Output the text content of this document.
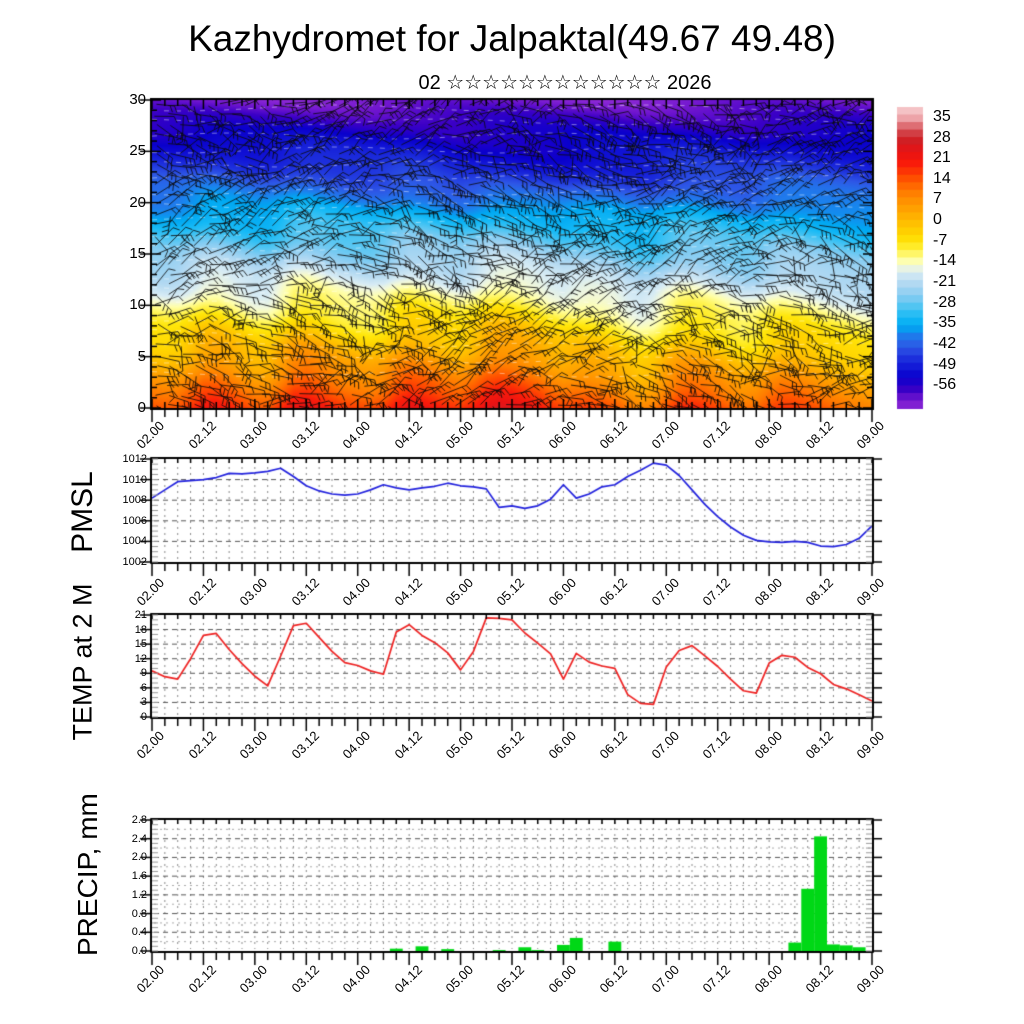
02.00 02.12 03.00 03.12 04.00 04.12 05.00 05.12 06.00 06.12 07.00 07.12 08.00 08.12 09.00
02.00 02.12 03.00 03.12 04.00 04.12 05.00 05.12 06.00 06.12 07.00 07.12 08.00 08.12 09.00
02.00 02.12 03.00 03.12 04.00 04.12 05.00 05.12 06.00 06.12 07.00 07.12 08.00 08.12 09.00
02.00 02.12 03.00 03.12 04.00 04.12 05.00 05.12 06.00 06.12 07.00 07.12 08.00 08.12 09.00
0
5
10
15
20
25
30
1002
1004
1006
1008
1010
1012
0
3
6
9
12
15
18
21
0.0
0.4
0.8
1.2
1.6
2.0
2.4
2.8
35
28
21
14
7
0
-7
-14
-21
-28
-35
-42
-49
-56
PMSL
TEMP at 2 M
PRECIP, mm
